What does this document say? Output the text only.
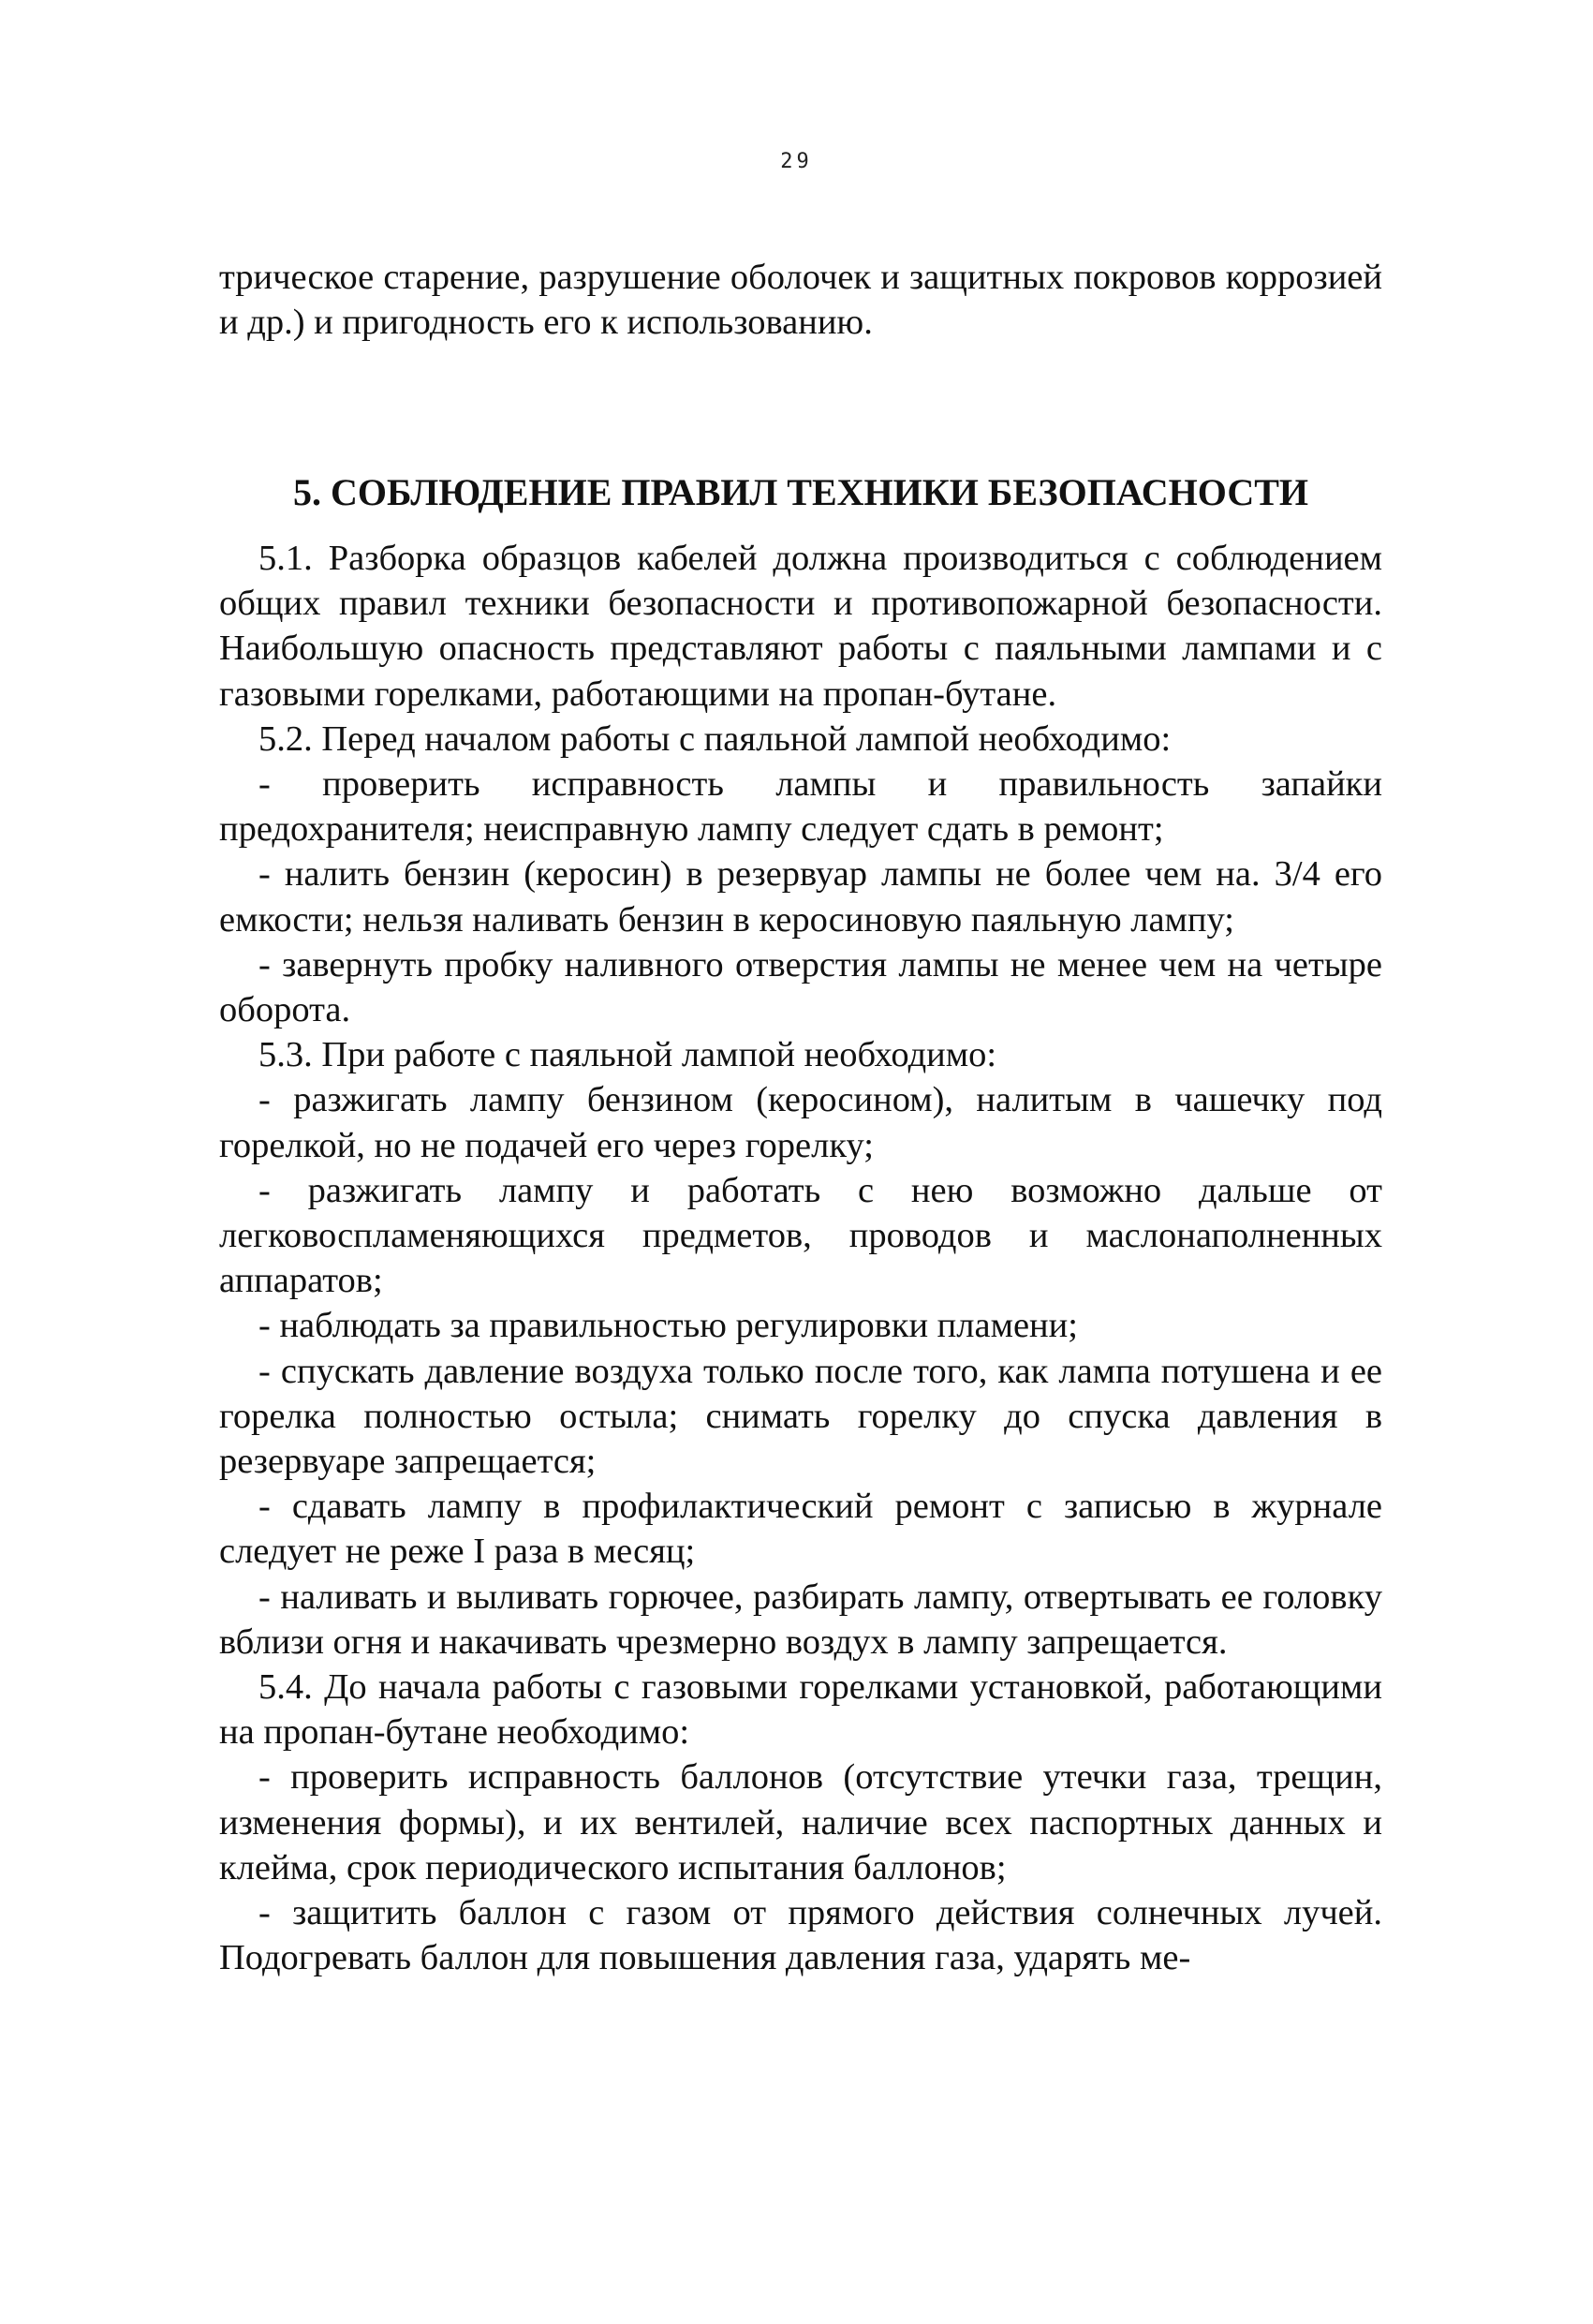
29

трическое старение, разрушение оболочек и защитных покровов коррозией и др.) и пригодность его к использованию.

5. СОБЛЮДЕНИЕ ПРАВИЛ ТЕХНИКИ БЕЗОПАСНОСТИ

5.1. Разборка образцов кабелей должна производиться с соблюдением общих правил техники безопасности и противопожарной безопасности. Наибольшую опасность представляют работы с паяльными лампами и с газовыми горелками, работающими на пропан-бутане.

5.2. Перед началом работы с паяльной лампой необходимо:

- проверить исправность лампы и правильность запайки предохранителя; неисправную лампу следует сдать в ремонт;

- налить бензин (керосин) в резервуар лампы не более чем на. 3/4 его емкости; нельзя наливать бензин в керосиновую паяльную лампу;

- завернуть пробку наливного отверстия лампы не менее чем на четыре оборота.

5.3. При работе с паяльной лампой необходимо:

- разжигать лампу бензином (керосином), налитым в чашечку под горелкой, но не подачей его через горелку;

- разжигать лампу и работать с нею возможно дальше от легковоспламеняющихся предметов, проводов и маслонаполненных аппаратов;

- наблюдать за правильностью регулировки пламени;

- спускать давление воздуха только после того, как лампа потушена и ее горелка полностью остыла; снимать горелку до спуска давления в резервуаре запрещается;

- сдавать лампу в профилактический ремонт с записью в журнале следует не реже I раза в месяц;

- наливать и выливать горючее, разбирать лампу, отвертывать ее головку вблизи огня и накачивать чрезмерно воздух в лампу запрещается.

5.4. До начала работы с газовыми горелками установкой, работающими на пропан-бутане необходимо:

- проверить исправность баллонов (отсутствие утечки газа, трещин, изменения формы), и их вентилей, наличие всех паспортных данных и клейма, срок периодического испытания баллонов;

- защитить баллон с газом от прямого действия солнечных лучей. Подогревать баллон для повышения давления газа, ударять ме-
